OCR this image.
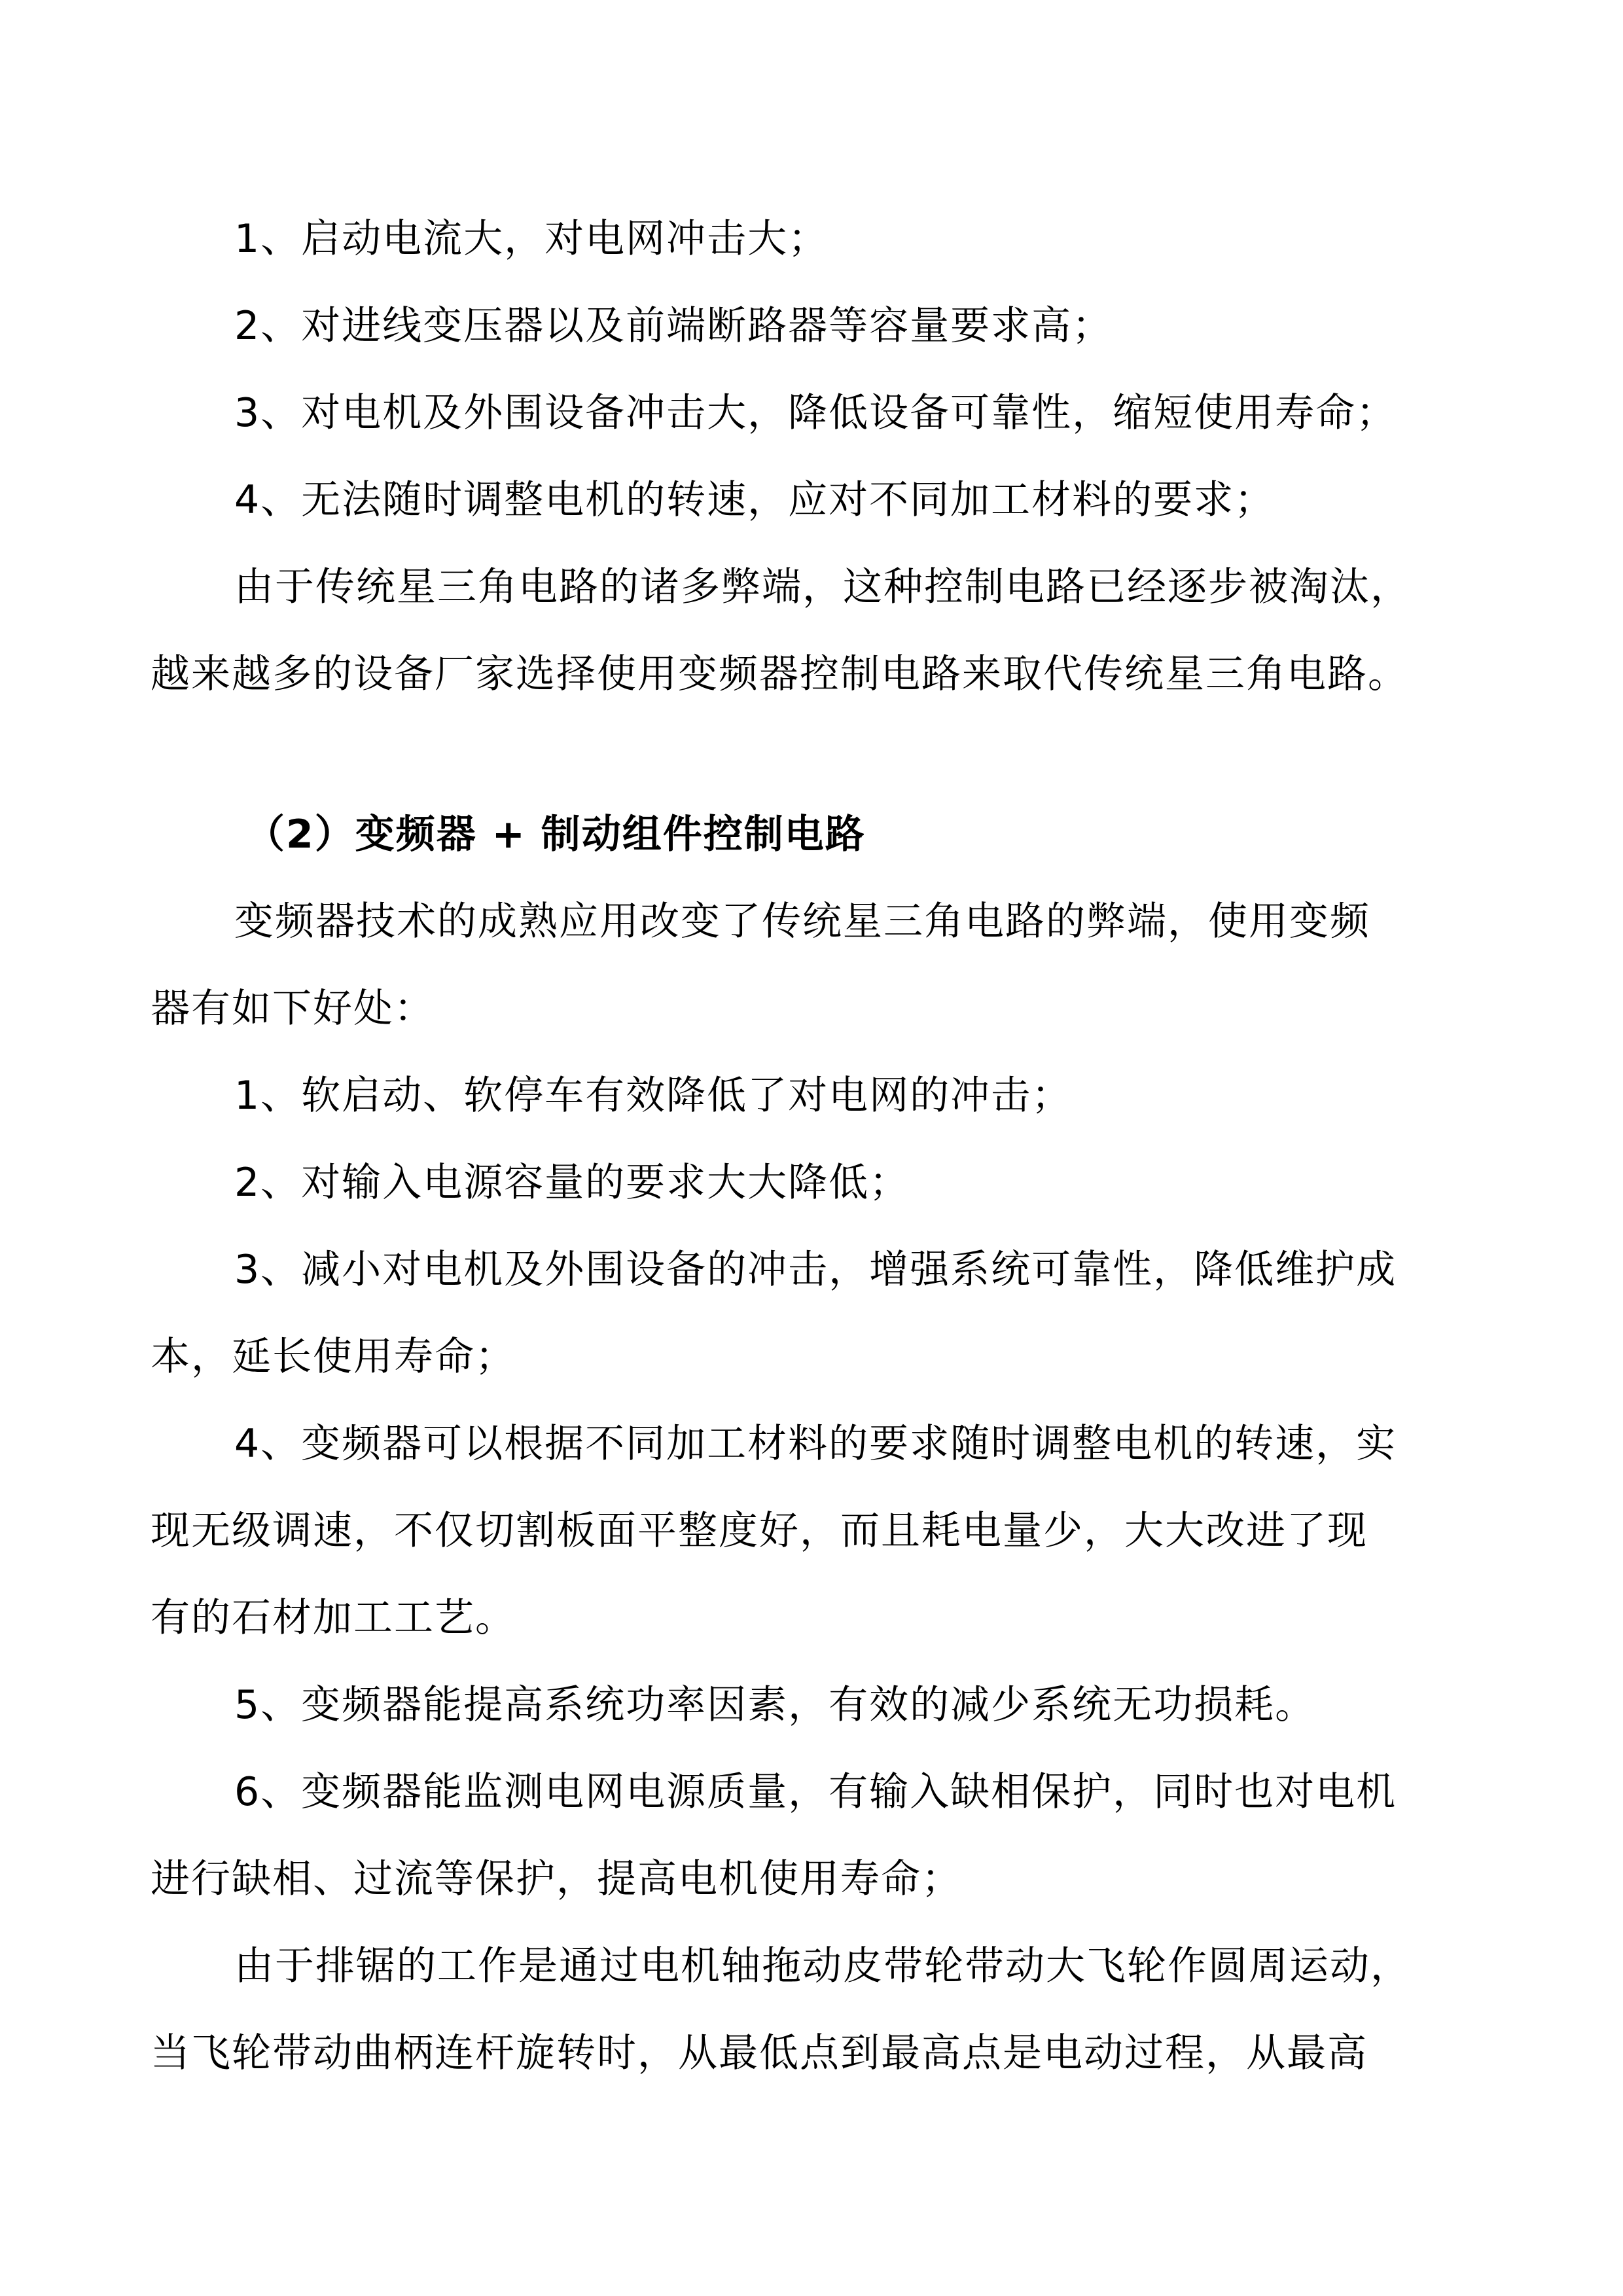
1、启动电流大，对电网冲击大；
2、对进线变压器以及前端断路器等容量要求高；
3、对电机及外围设备冲击大，降低设备可靠性，缩短使用寿命；
4、无法随时调整电机的转速，应对不同加工材料的要求；
由于传统星三角电路的诸多弊端，这种控制电路已经逐步被淘汰，
越来越多的设备厂家选择使用变频器控制电路来取代传统星三角电路。
（2）变频器 + 制动组件控制电路
变频器技术的成熟应用改变了传统星三角电路的弊端，使用变频
器有如下好处：
1、软启动、软停车有效降低了对电网的冲击；
2、对输入电源容量的要求大大降低；
3、减小对电机及外围设备的冲击，增强系统可靠性，降低维护成
本，延长使用寿命；
4、变频器可以根据不同加工材料的要求随时调整电机的转速，实
现无级调速，不仅切割板面平整度好，而且耗电量少，大大改进了现
有的石材加工工艺。
5、变频器能提高系统功率因素，有效的减少系统无功损耗。
6、变频器能监测电网电源质量，有输入缺相保护，同时也对电机
进行缺相、过流等保护，提高电机使用寿命；
由于排锯的工作是通过电机轴拖动皮带轮带动大飞轮作圆周运动，
当飞轮带动曲柄连杆旋转时，从最低点到最高点是电动过程，从最高
